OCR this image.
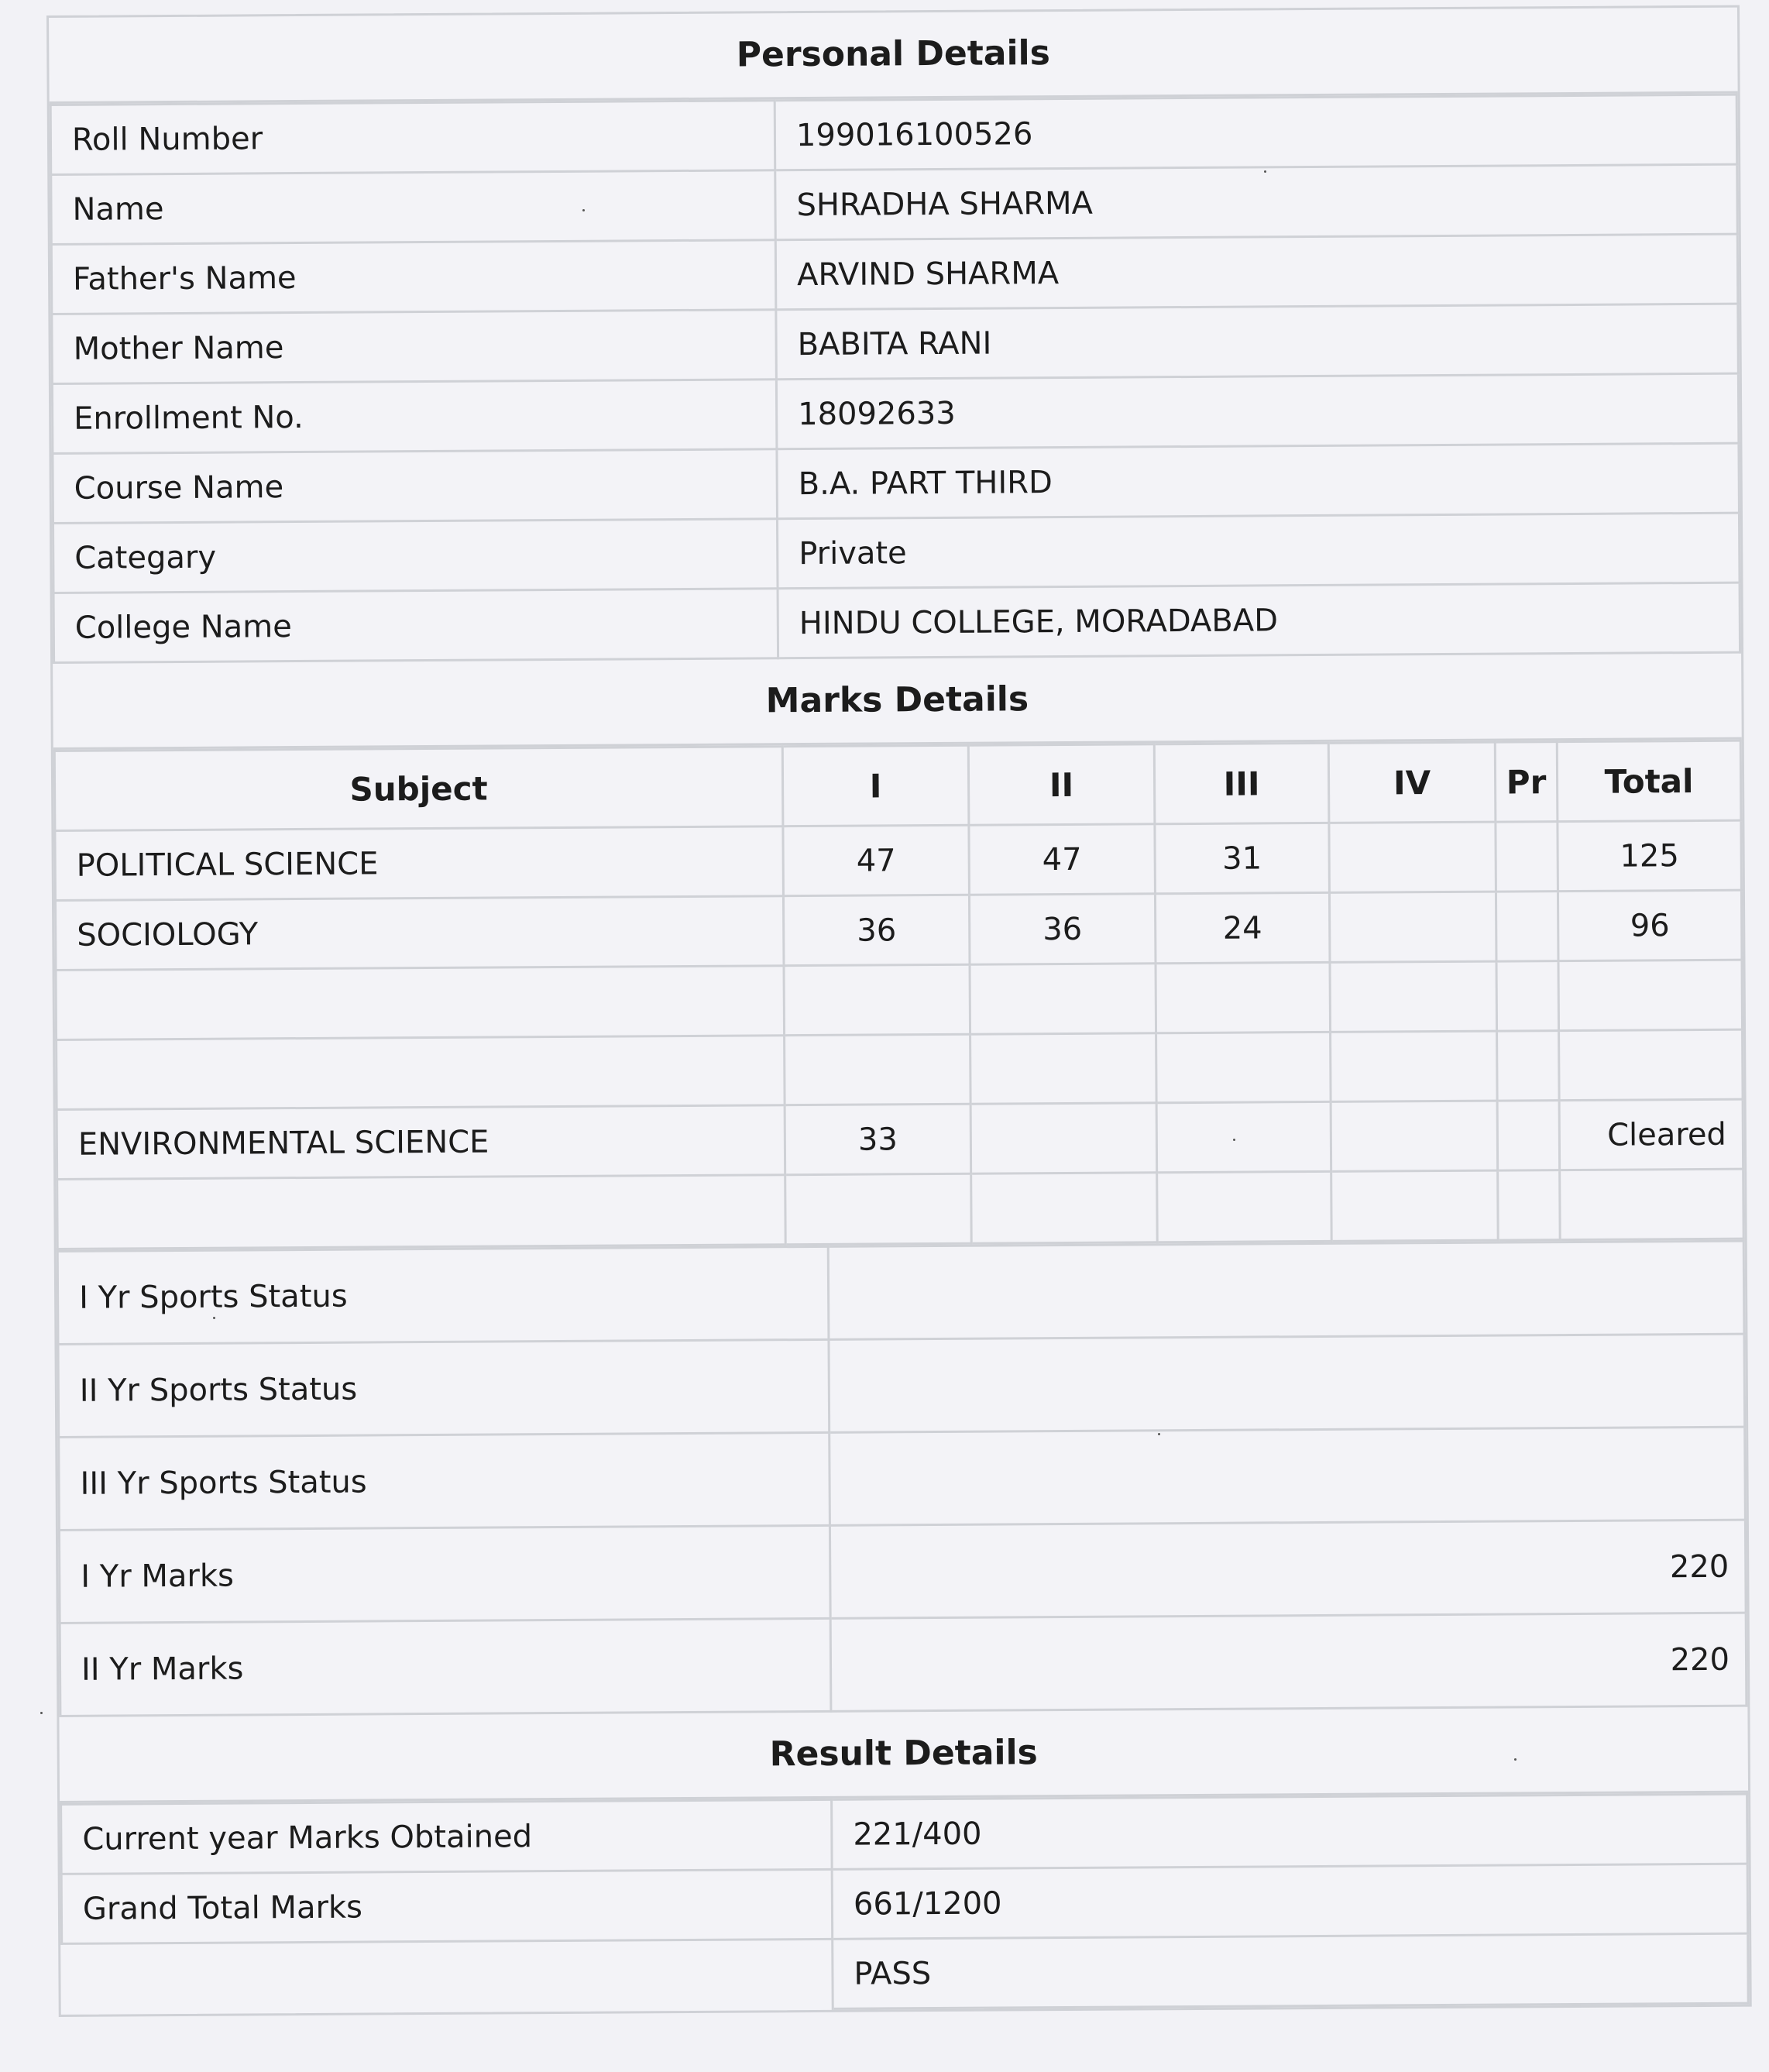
Personal Details
Roll Number	199016100526
Name	SHRADHA SHARMA
Father's Name	ARVIND SHARMA
Mother Name	BABITA RANI
Enrollment No.	18092633
Course Name	B.A. PART THIRD
Categary	Private
College Name	HINDU COLLEGE, MORADABAD
Marks Details
Subject	I	II	III	IV	Pr	Total
POLITICAL SCIENCE	47	47	31			125
SOCIOLOGY	36	36	24			96

ENVIRONMENTAL SCIENCE	33					Cleared

I Yr Sports Status	
II Yr Sports Status	
III Yr Sports Status	
I Yr Marks	220
II Yr Marks	220
Result Details
Current year Marks Obtained	221/400
Grand Total Marks	661/1200
	PASS
